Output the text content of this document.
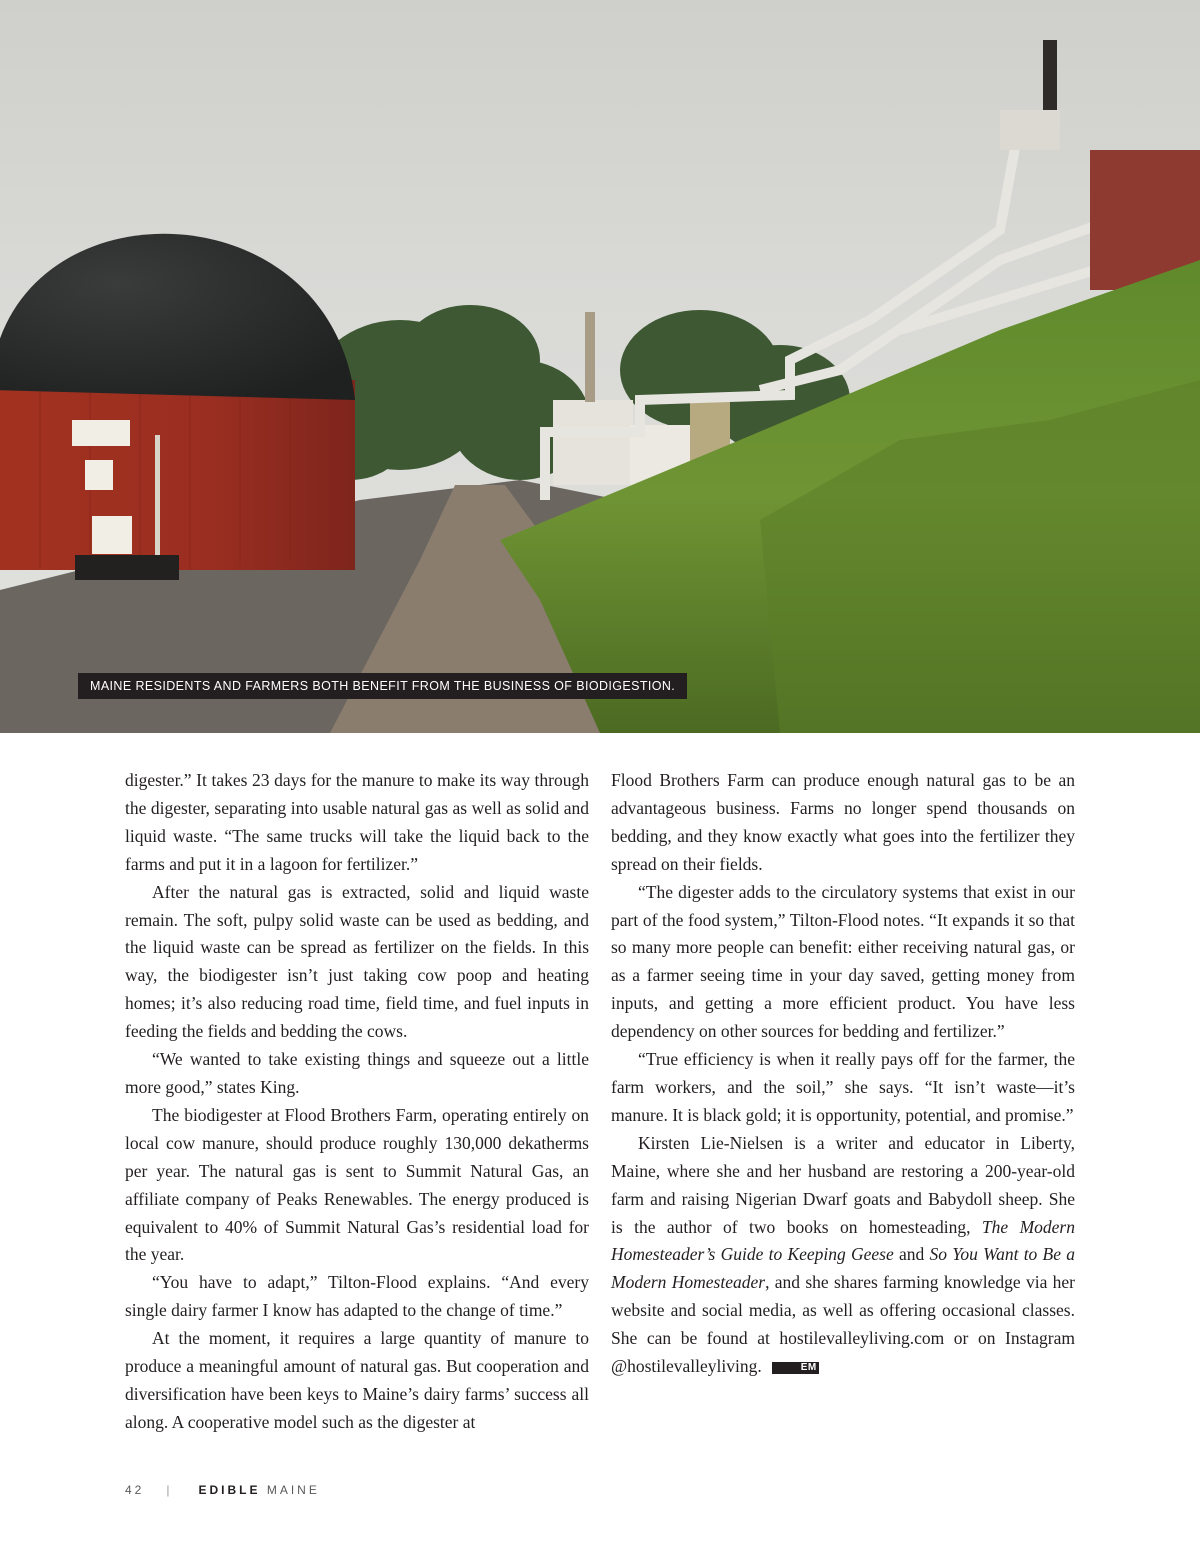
MAINE RESIDENTS AND FARMERS BOTH BENEFIT FROM THE BUSINESS OF BIODIGESTION.

digester.” It takes 23 days for the manure to make its way through the digester, separating into usable natural gas as well as solid and liquid waste. “The same trucks will take the liquid back to the farms and put it in a lagoon for fertilizer.”

After the natural gas is extracted, solid and liquid waste remain. The soft, pulpy solid waste can be used as bedding, and the liquid waste can be spread as fertilizer on the fields. In this way, the biodigester isn’t just taking cow poop and heating homes; it’s also reducing road time, field time, and fuel inputs in feeding the fields and bedding the cows.

“We wanted to take existing things and squeeze out a little more good,” states King.

The biodigester at Flood Brothers Farm, operating entirely on local cow manure, should produce roughly 130,000 dekatherms per year. The natural gas is sent to Summit Natural Gas, an affiliate company of Peaks Renewables. The energy produced is equivalent to 40% of Summit Natural Gas’s residential load for the year.

“You have to adapt,” Tilton-Flood explains. “And every single dairy farmer I know has adapted to the change of time.”

At the moment, it requires a large quantity of manure to produce a meaningful amount of natural gas. But cooperation and diversification have been keys to Maine’s dairy farms’ success all along. A cooperative model such as the digester at

Flood Brothers Farm can produce enough natural gas to be an advantageous business. Farms no longer spend thousands on bedding, and they know exactly what goes into the fertilizer they spread on their fields.

“The digester adds to the circulatory systems that exist in our part of the food system,” Tilton-Flood notes. “It expands it so that so many more people can benefit: either receiving natural gas, or as a farmer seeing time in your day saved, getting money from inputs, and getting a more efficient product. You have less dependency on other sources for bedding and fertilizer.”

“True efficiency is when it really pays off for the farmer, the farm workers, and the soil,” she says. “It isn’t waste—it’s manure. It is black gold; it is opportunity, potential, and promise.”

Kirsten Lie-Nielsen is a writer and educator in Liberty, Maine, where she and her husband are restoring a 200-year-old farm and raising Nigerian Dwarf goats and Babydoll sheep. She is the author of two books on homesteading, The Modern Homesteader’s Guide to Keeping Geese and So You Want to Be a Modern Homesteader, and she shares farming knowledge via her website and social media, as well as offering occasional classes. She can be found at hostilevalleyliving.com or on Instagram @hostilevalleyliving.	EM

42 | EDIBLE MAINE
